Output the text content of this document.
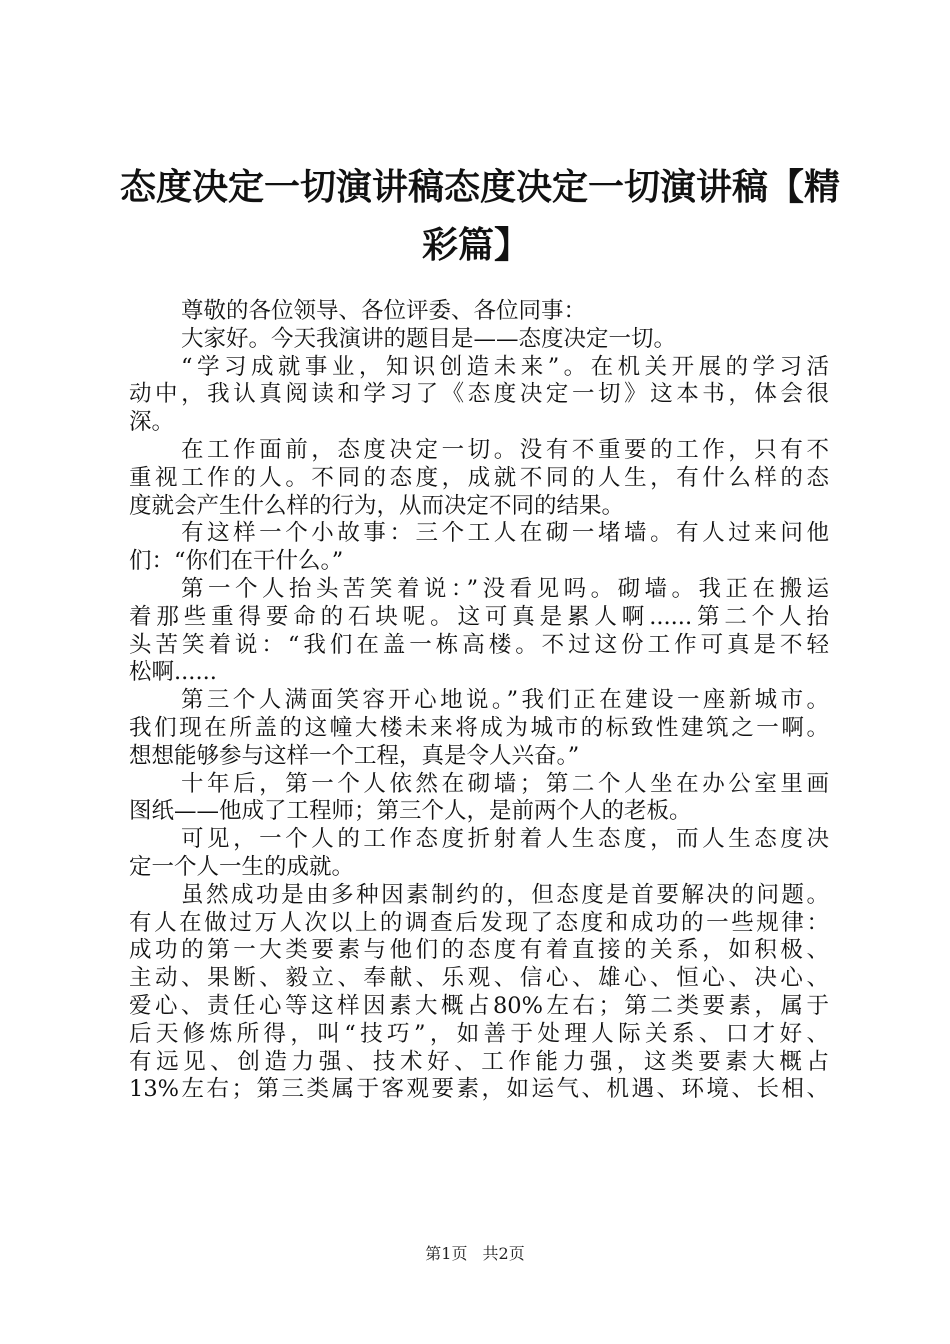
态度决定一切演讲稿态度决定一切演讲稿【精
彩篇】
尊敬的各位领导、各位评委、各位同事：
大家好。今天我演讲的题目是——态度决定一切。
“学习成就事业，知识创造未来”。在机关开展的学习活
动中，我认真阅读和学习了《态度决定一切》这本书，体会很
深。
在工作面前，态度决定一切。没有不重要的工作，只有不
重视工作的人。不同的态度，成就不同的人生，有什么样的态
度就会产生什么样的行为，从而决定不同的结果。
有这样一个小故事：三个工人在砌一堵墙。有人过来问他
们：“你们在干什么。”
第一个人抬头苦笑着说：”没看见吗。砌墙。我正在搬运
着那些重得要命的石块呢。这可真是累人啊......第二个人抬
头苦笑着说：“我们在盖一栋高楼。不过这份工作可真是不轻
松啊......
第三个人满面笑容开心地说。”我们正在建设一座新城市。
我们现在所盖的这幢大楼未来将成为城市的标致性建筑之一啊。
想想能够参与这样一个工程，真是令人兴奋。”
十年后，第一个人依然在砌墙；第二个人坐在办公室里画
图纸——他成了工程师；第三个人，是前两个人的老板。
可见，一个人的工作态度折射着人生态度，而人生态度决
定一个人一生的成就。
虽然成功是由多种因素制约的，但态度是首要解决的问题。
有人在做过万人次以上的调查后发现了态度和成功的一些规律：
成功的第一大类要素与他们的态度有着直接的关系，如积极、
主动、果断、毅立、奉献、乐观、信心、雄心、恒心、决心、
爱心、责任心等这样因素大概占80%左右；第二类要素，属于
后天修炼所得，叫“技巧”，如善于处理人际关系、口才好、
有远见、创造力强、技术好、工作能力强，这类要素大概占
13%左右；第三类属于客观要素，如运气、机遇、环境、长相、
第1页 共2页
